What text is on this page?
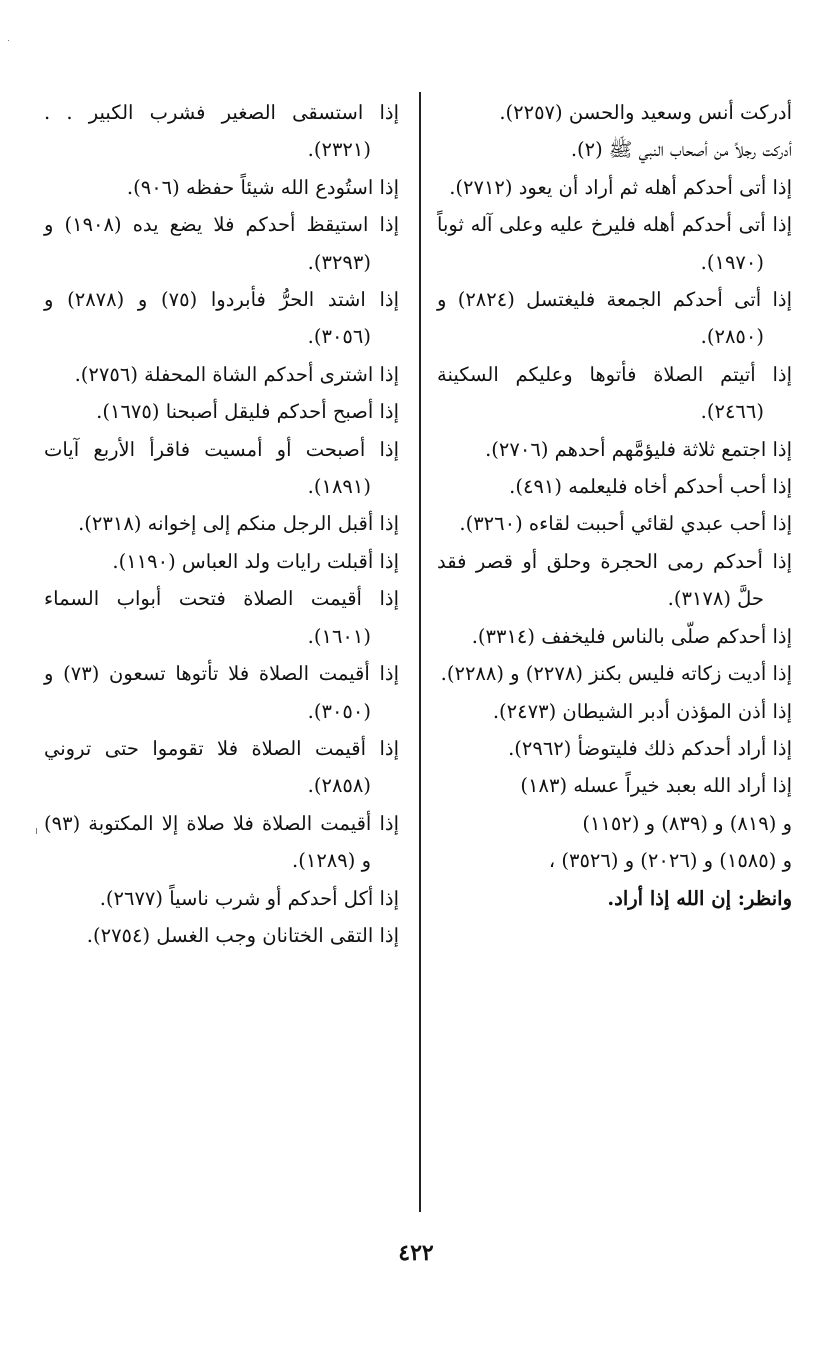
أدركت أنس وسعيد والحسن (٢٢٥٧).

أدركت رجلاً من أصحاب النبي ﷺ (٢).

إذا أتى أحدكم أهله ثم أراد أن يعود (٢٧١٢).

إذا أتى أحدكم أهله فليرخ عليه وعلى آله ثوباً (١٩٧٠).

إذا أتى أحدكم الجمعة فليغتسل (٢٨٢٤) و (٢٨٥٠).

إذا أتيتم الصلاة فأتوها وعليكم السكينة (٢٤٦٦).

إذا اجتمع ثلاثة فليؤمَّهم أحدهم (٢٧٠٦).

إذا أحب أحدكم أخاه فليعلمه (٤٩١).

إذا أحب عبدي لقائي أحببت لقاءه (٣٢٦٠).

إذا أحدكم رمى الحجرة وحلق أو قصر فقد حلَّ (٣١٧٨).

إذا أحدكم صلّى بالناس فليخفف (٣٣١٤).

إذا أديت زكاته فليس بكنز (٢٢٧٨) و (٢٢٨٨).

إذا أذن المؤذن أدبر الشيطان (٢٤٧٣).

إذا أراد أحدكم ذلك فليتوضأ (٢٩٦٢).

إذا أراد الله بعبد خيراً عسله (١٨٣)

و (٨١٩) و (٨٣٩) و (١١٥٢)

و (١٥٨٥) و (٢٠٢٦) و (٣٥٢٦) ،

وانظر: إن الله إذا أراد.

إذا استسقى الصغير فشرب الكبير . . (٢٣٢١).

إذا استُودع الله شيئاً حفظه (٩٠٦).

إذا استيقظ أحدكم فلا يضع يده (١٩٠٨) و (٣٢٩٣).

إذا اشتد الحرُّ فأبردوا (٧٥) و (٢٨٧٨) و (٣٠٥٦).

إذا اشترى أحدكم الشاة المحفلة (٢٧٥٦).

إذا أصبح أحدكم فليقل أصبحنا (١٦٧٥).

إذا أصبحت أو أمسيت فاقرأ الأربع آيات (١٨٩١).

إذا أقبل الرجل منكم إلى إخوانه (٢٣١٨).

إذا أقبلت رايات ولد العباس (١١٩٠).

إذا أقيمت الصلاة فتحت أبواب السماء (١٦٠١).

إذا أقيمت الصلاة فلا تأتوها تسعون (٧٣) و (٣٠٥٠).

إذا أقيمت الصلاة فلا تقوموا حتى تروني (٢٨٥٨).

إذا أقيمت الصلاة فلا صلاة إلا المكتوبة (٩٣) و (١٢٨٩).

إذا أكل أحدكم أو شرب ناسياً (٢٦٧٧).

إذا التقى الختانان وجب الغسل (٢٧٥٤).

٤٢٢
